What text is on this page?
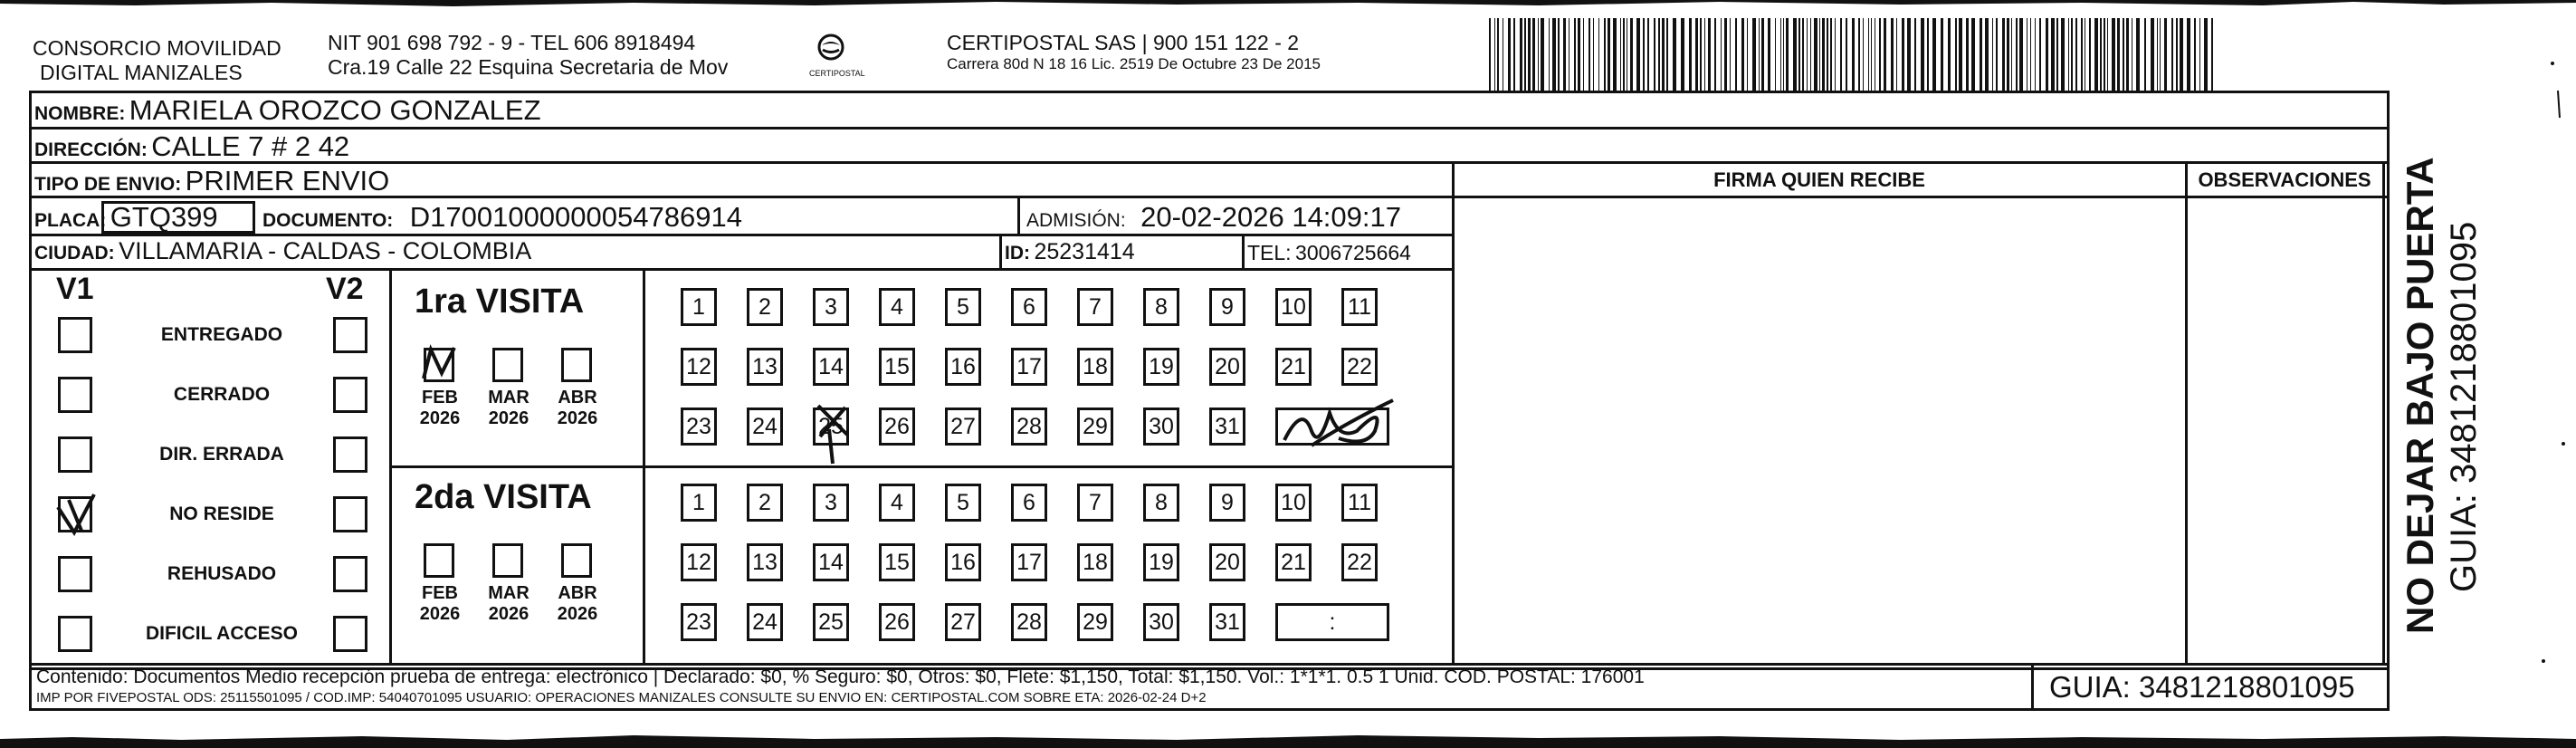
CONSORCIO MOVILIDAD
DIGITAL MANIZALES
NIT 901 698 792 - 9 - TEL 606 8918494
Cra.19 Calle 22 Esquina Secretaria de Mov	CERTIPOSTAL
CERTIPOSTAL SAS | 900 151 122 - 2
Carrera 80d N 18 16 Lic. 2519 De Octubre 23 De 2015
NOMBRE: MARIELA OROZCO GONZALEZ
DIRECCIÓN: CALLE 7 # 2 42
TIPO DE ENVIO: PRIMER ENVIO	FIRMA QUIEN RECIBE	OBSERVACIONES
PLACA: GTQ399 DOCUMENTO: D17001000000054786914	ADMISIÓN: 20-02-2026 14:09:17
CIUDAD: VILLAMARIA - CALDAS - COLOMBIA	ID: 25231414	TEL: 3006725664
V1	V2
ENTREGADO
CERRADO
DIR. ERRADA
NO RESIDE
REHUSADO
DIFICIL ACCESO
1ra VISITA
FEB
2026
MAR
2026
ABR
2026
1	2	3	4	5	6	7	8	9	10 11
12 13 14 15 16 17 18 19 20 21 22
23 24 25 26 27 28 29 30 31
2da VISITA
FEB
2026
MAR
2026
ABR
2026
1	2	3	4	5	6	7	8	9	10 11
12 13 14 15 16 17 18 19 20 21 22
23 24 25 26 27 28 29 30 31	:
Contenido: Documentos Medio recepción prueba de entrega: electrónico | Declarado: $0, % Seguro: $0, Otros: $0, Flete: $1,150, Total: $1,150. Vol.: 1*1*1. 0.5 1 Unid. COD. POSTAL: 176001
IMP POR FIVEPOSTAL ODS: 25115501095 / COD.IMP: 54040701095 USUARIO: OPERACIONES MANIZALES CONSULTE SU ENVIO EN: CERTIPOSTAL.COM SOBRE ETA: 2026-02-24 D+2	GUIA: 3481218801095
NO DEJAR BAJO PUERTA GUIA: 3481218801095
